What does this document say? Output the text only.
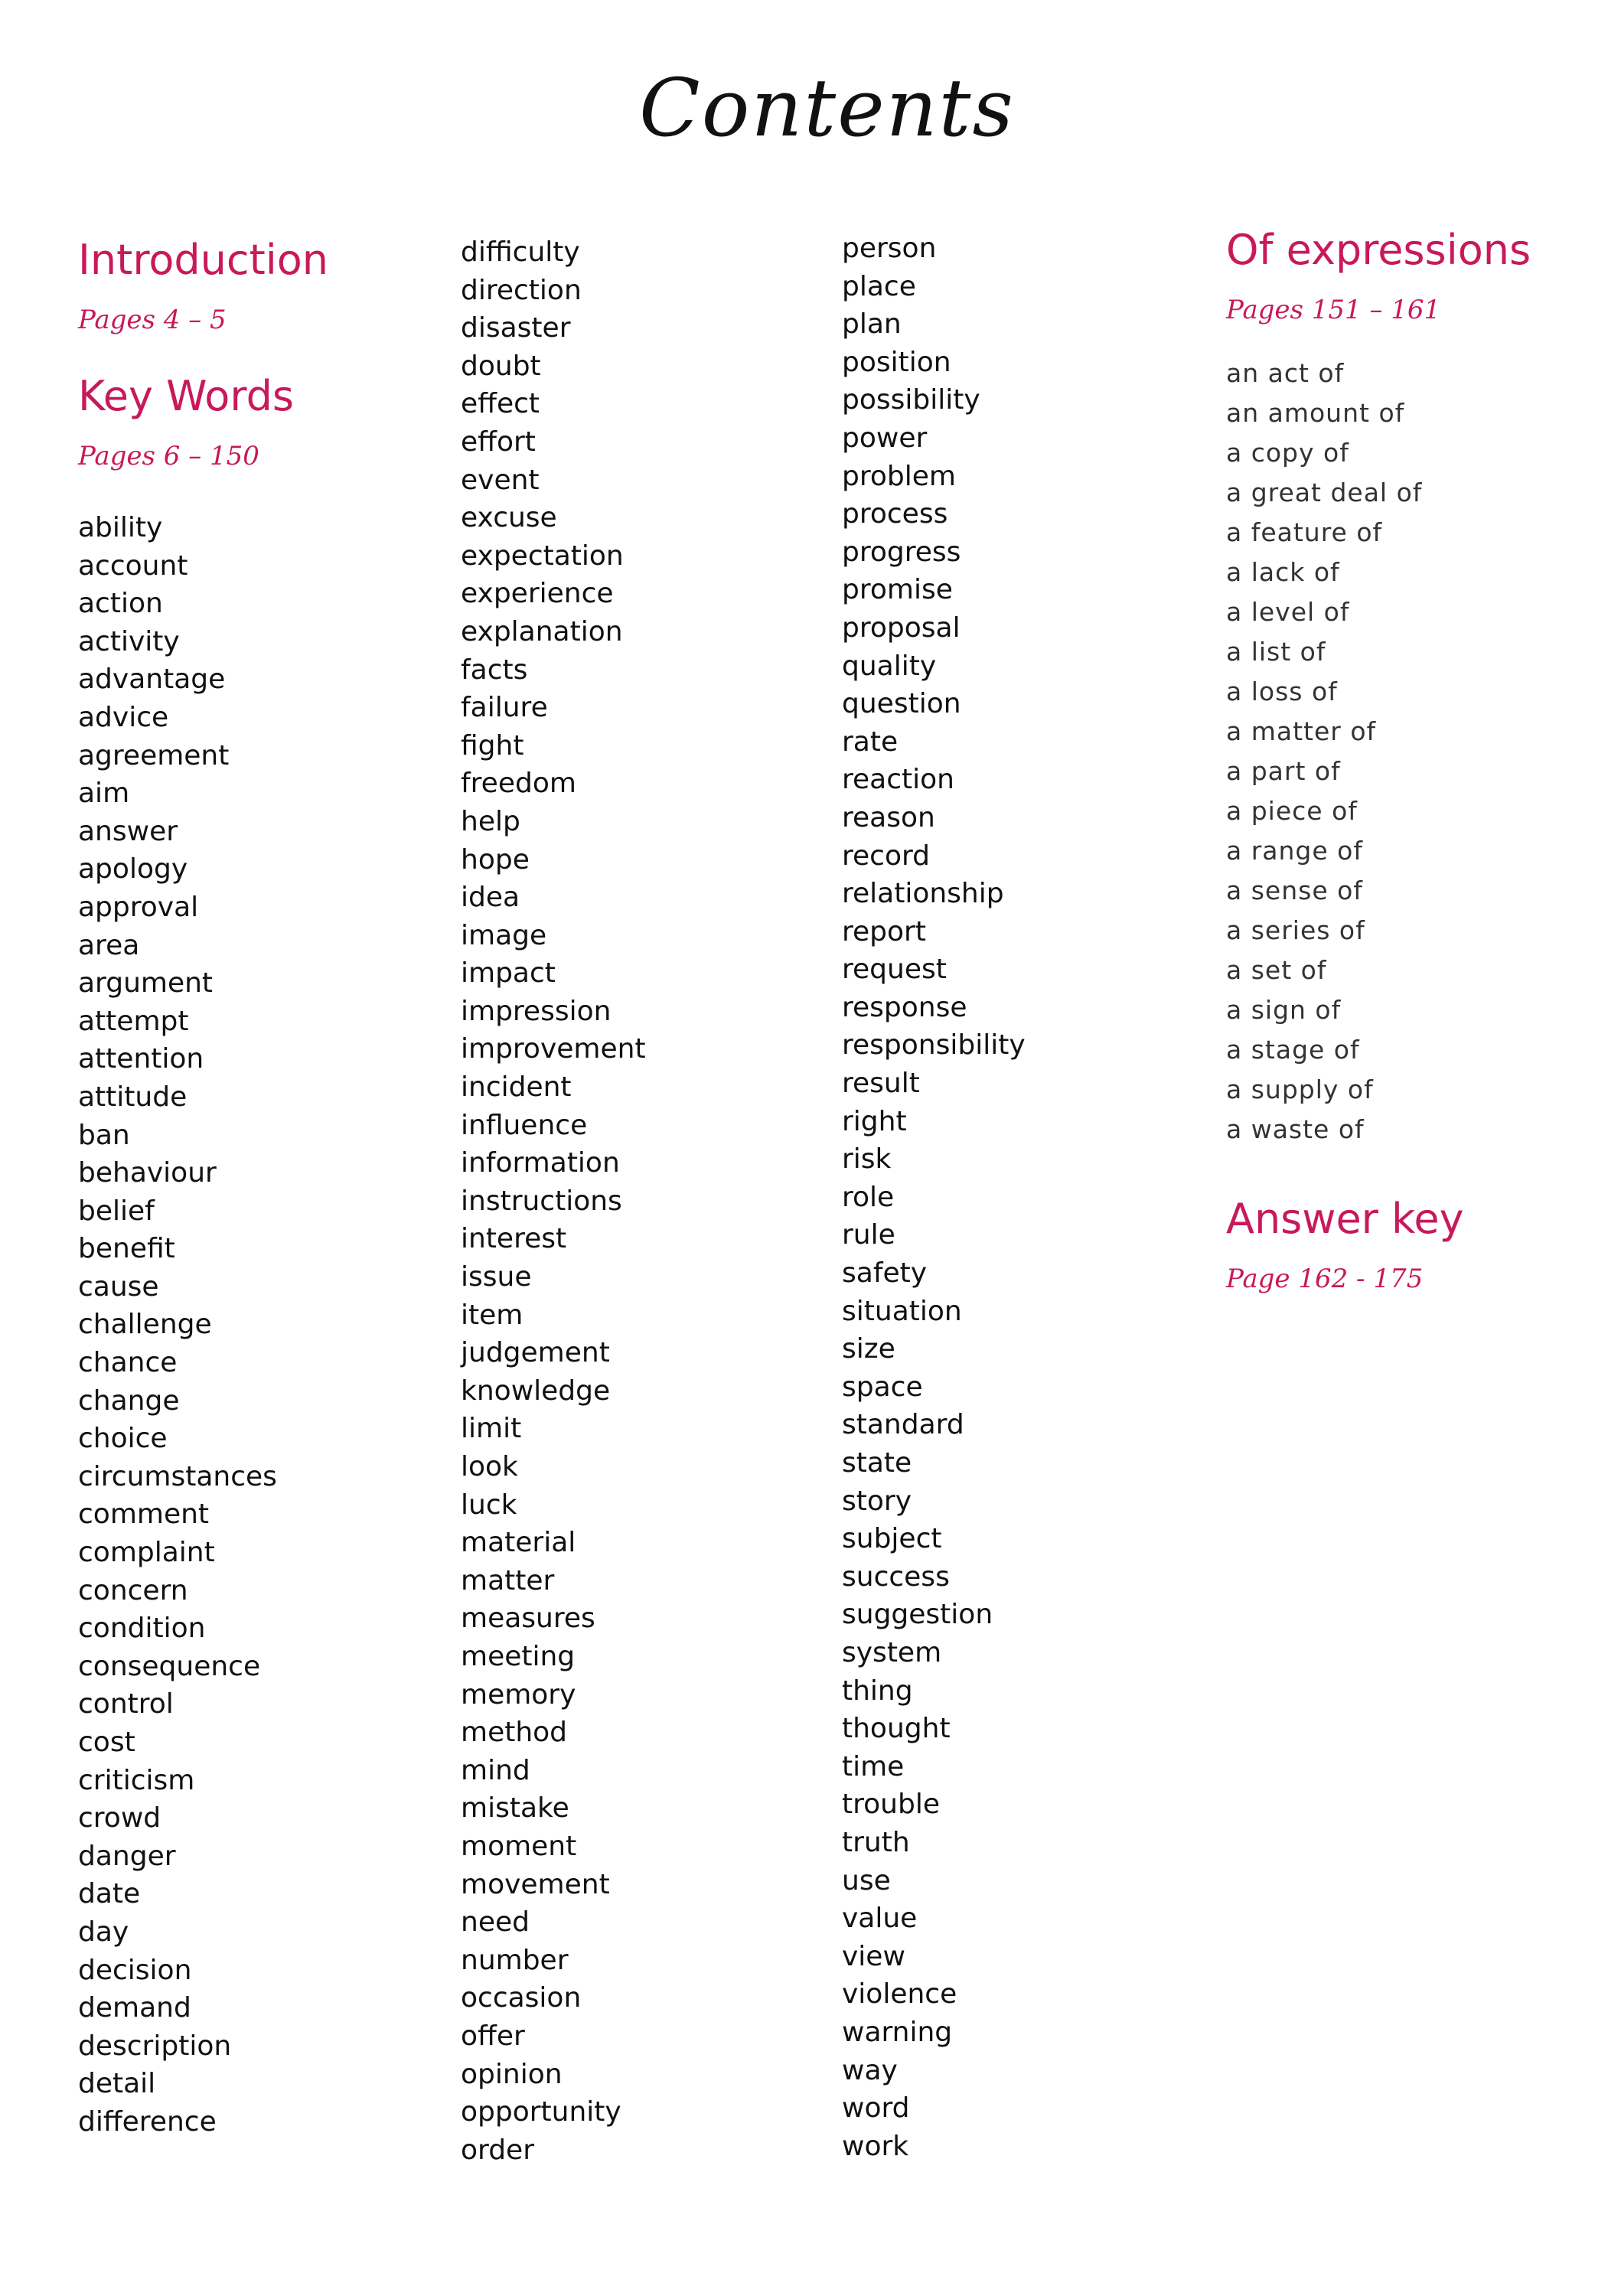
Contents
Introduction
Pages 4 – 5
Key Words
Pages 6 – 150
ability
account
action
activity
advantage
advice
agreement
aim
answer
apology
approval
area
argument
attempt
attention
attitude
ban
behaviour
belief
benefit
cause
challenge
chance
change
choice
circumstances
comment
complaint
concern
condition
consequence
control
cost
criticism
crowd
danger
date
day
decision
demand
description
detail
difference
difficulty
direction
disaster
doubt
effect
effort
event
excuse
expectation
experience
explanation
facts
failure
fight
freedom
help
hope
idea
image
impact
impression
improvement
incident
influence
information
instructions
interest
issue
item
judgement
knowledge
limit
look
luck
material
matter
measures
meeting
memory
method
mind
mistake
moment
movement
need
number
occasion
offer
opinion
opportunity
order
person
place
plan
position
possibility
power
problem
process
progress
promise
proposal
quality
question
rate
reaction
reason
record
relationship
report
request
response
responsibility
result
right
risk
role
rule
safety
situation
size
space
standard
state
story
subject
success
suggestion
system
thing
thought
time
trouble
truth
use
value
view
violence
warning
way
word
work
Of expressions
Pages 151 – 161
an act of
an amount of
a copy of
a great deal of
a feature of
a lack of
a level of
a list of
a loss of
a matter of
a part of
a piece of
a range of
a sense of
a series of
a set of
a sign of
a stage of
a supply of
a waste of
Answer key
Page 162 - 175
